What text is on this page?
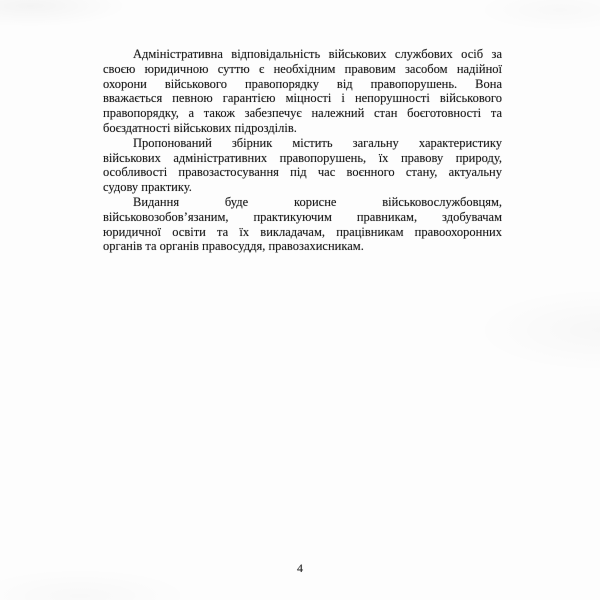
Адміністративна відповідальність військових службових осіб за
своєю юридичною суттю є необхідним правовим засобом надійної
охорони військового правопорядку від правопорушень. Вона
вважається певною гарантією міцності і непорушності військового
правопорядку, а також забезпечує належний стан боєготовності та
боєздатності військових підрозділів.
Пропонований збірник містить загальну характеристику
військових адміністративних правопорушень, їх правову природу,
особливості правозастосування під час воєнного стану, актуальну
судову практику.
Видання буде корисне військовослужбовцям,
військовозобов’язаним, практикуючим правникам, здобувачам
юридичної освіти та їх викладачам, працівникам правоохоронних
органів та органів правосуддя, правозахисникам.
4
